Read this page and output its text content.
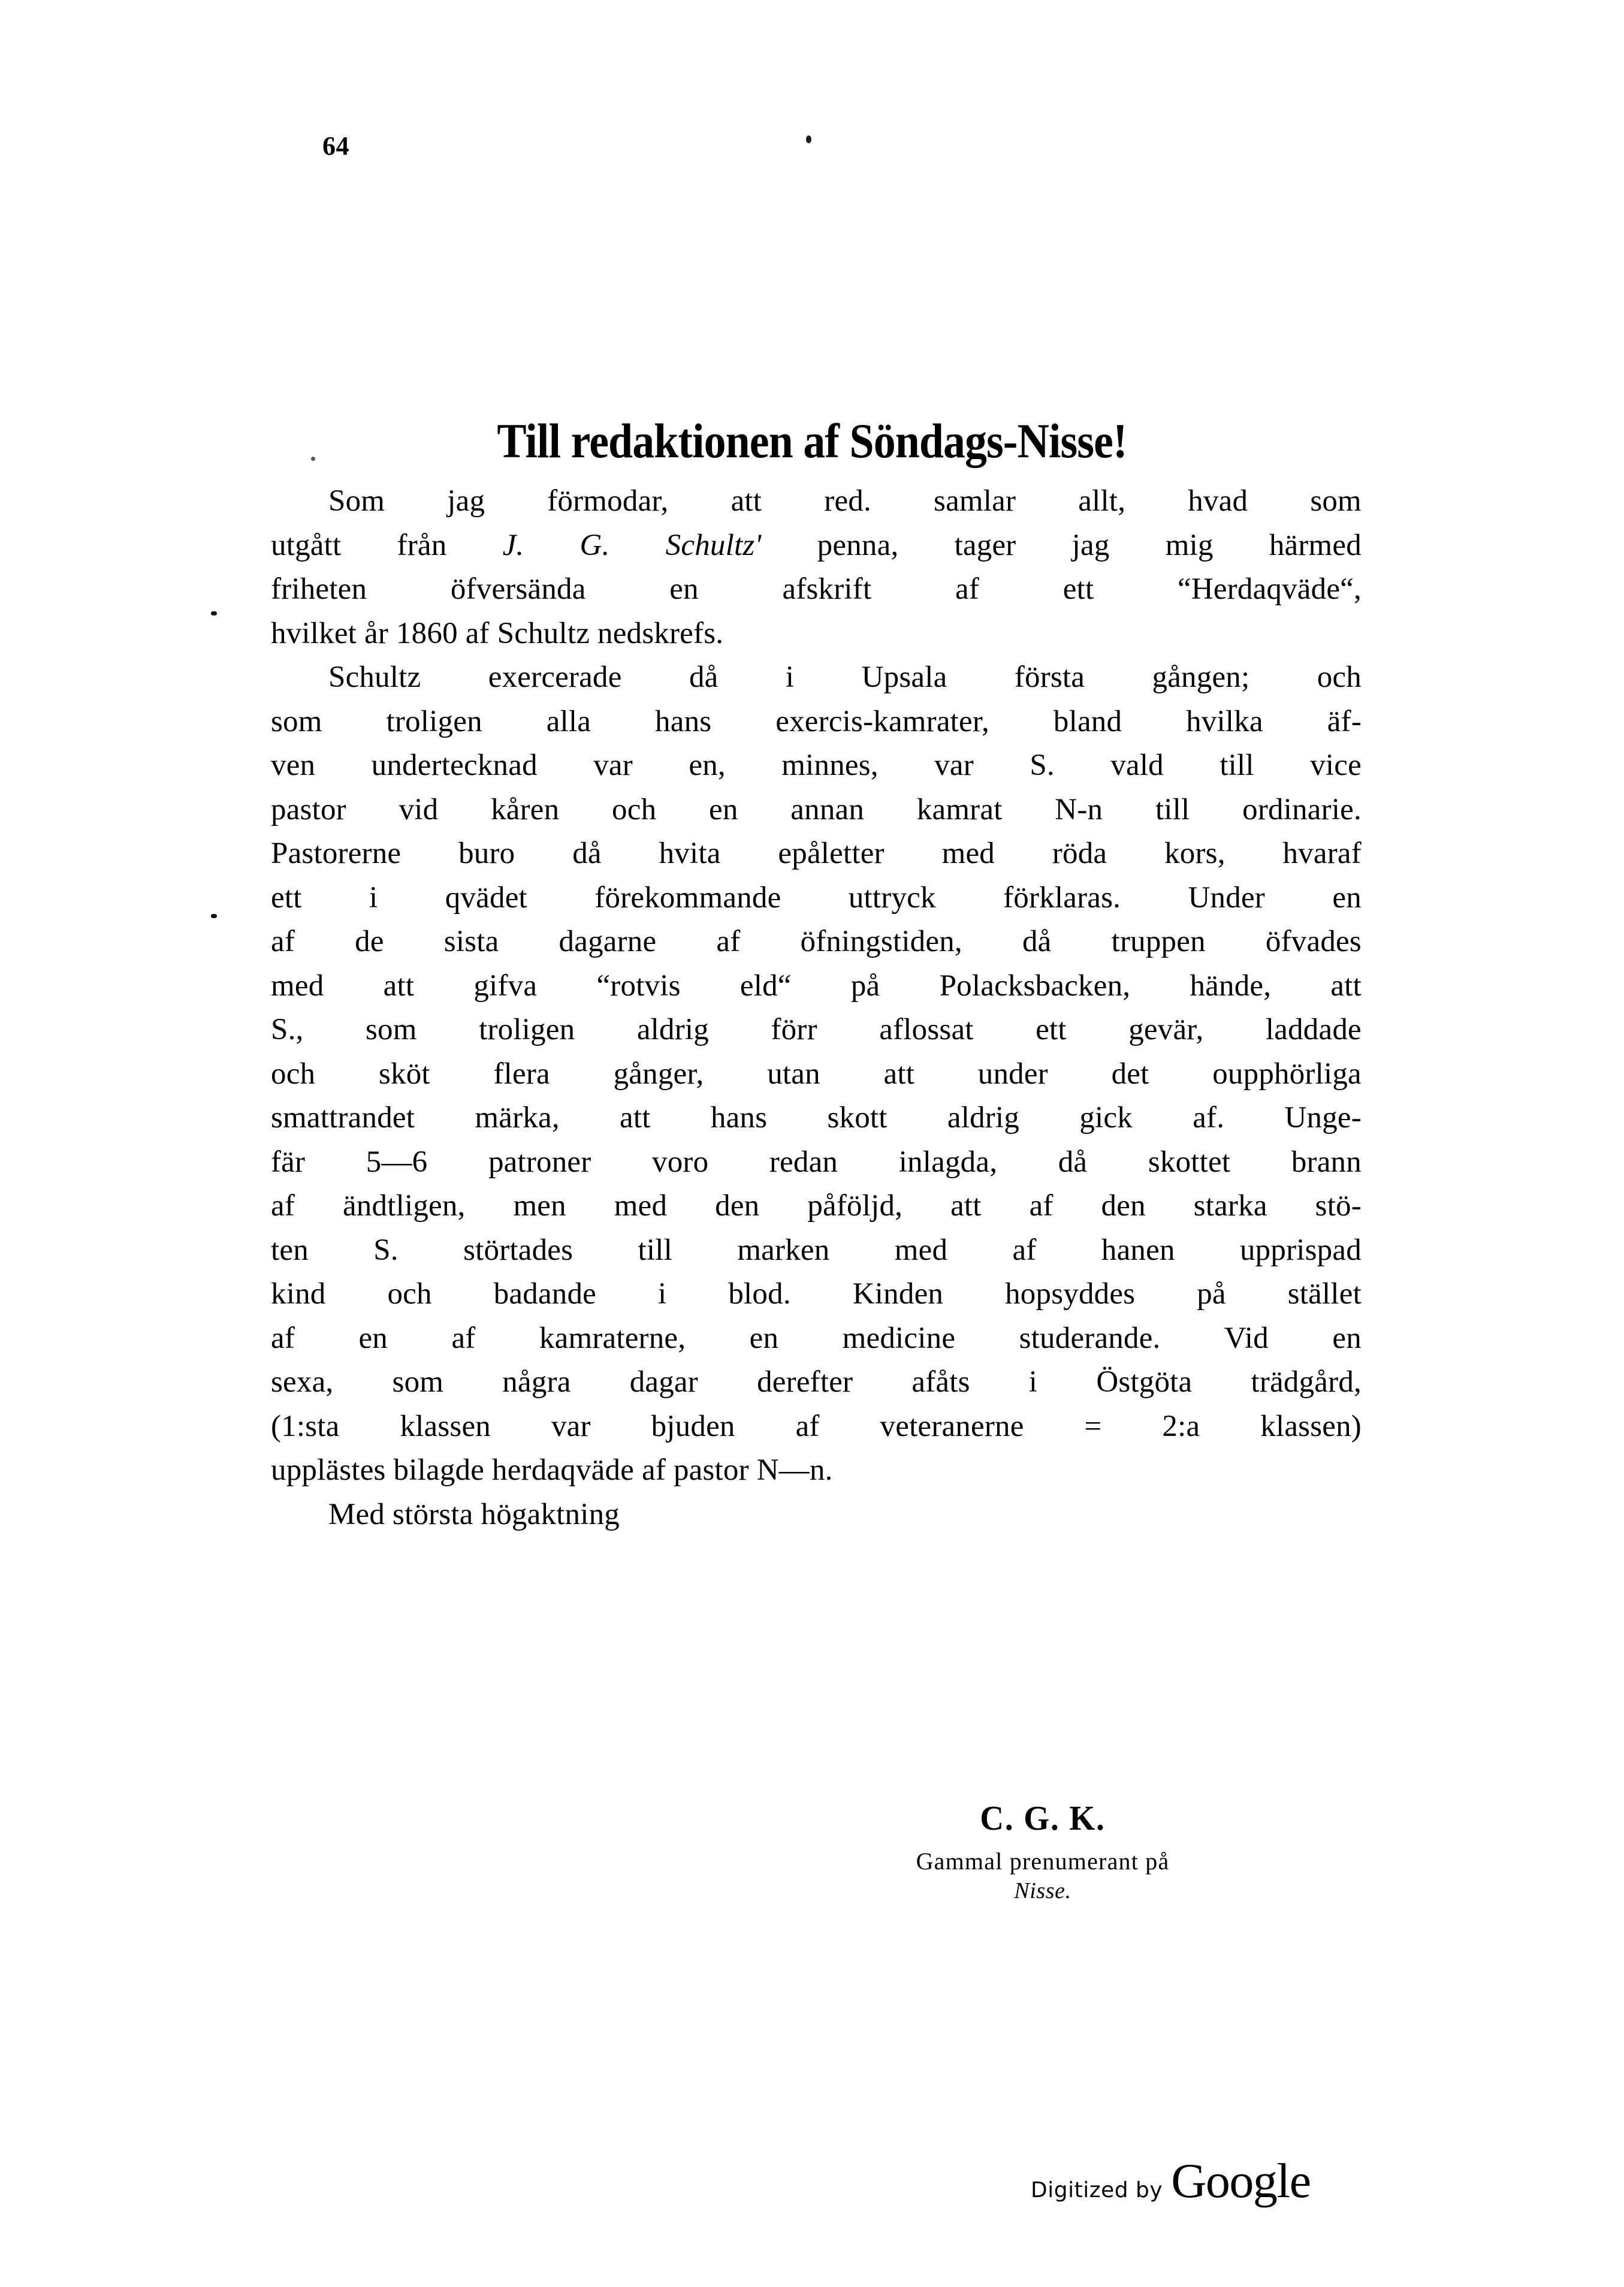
64
Till redaktionen af Söndags-Nisse!
Som jag förmodar, att red. samlar allt, hvad som
utgått från J. G. Schultz' penna, tager jag mig härmed
friheten	öfversända	en	afskrift	af	ett	“Herdaqväde“,
hvilket år 1860 af Schultz nedskrefs.
Schultz exercerade då i Upsala första gången; och
som troligen alla hans exercis-kamrater, bland hvilka äf-
ven undertecknad var en, minnes, var S. vald till vice
pastor vid kåren och en annan kamrat N-n till ordinarie.
Pastorerne buro då hvita epåletter med röda kors, hvaraf
ett i qvädet förekommande uttryck förklaras. Under en
af de sista dagarne af öfningstiden, då truppen öfvades
med att gifva “rotvis eld“ på Polacksbacken, hände, att
S., som troligen aldrig förr aflossat ett gevär, laddade
och sköt flera gånger, utan att under det oupphörliga
smattrandet märka, att hans skott aldrig gick af. Unge-
fär 5—6 patroner voro redan inlagda, då skottet brann
af ändtligen, men med den påföljd, att af den starka stö-
ten S. störtades till marken med af hanen upprispad
kind och badande i blod. Kinden hopsyddes på stället
af en af kamraterne, en medicine studerande. Vid en
sexa, som några dagar derefter afåts i Östgöta trädgård,
(1:sta klassen var bjuden af veteranerne = 2:a klassen)
upplästes bilagde herdaqväde af pastor N—n.
Med största högaktning
C. G. K.
Gammal prenumerant på
Nisse.
Digitized by Google
